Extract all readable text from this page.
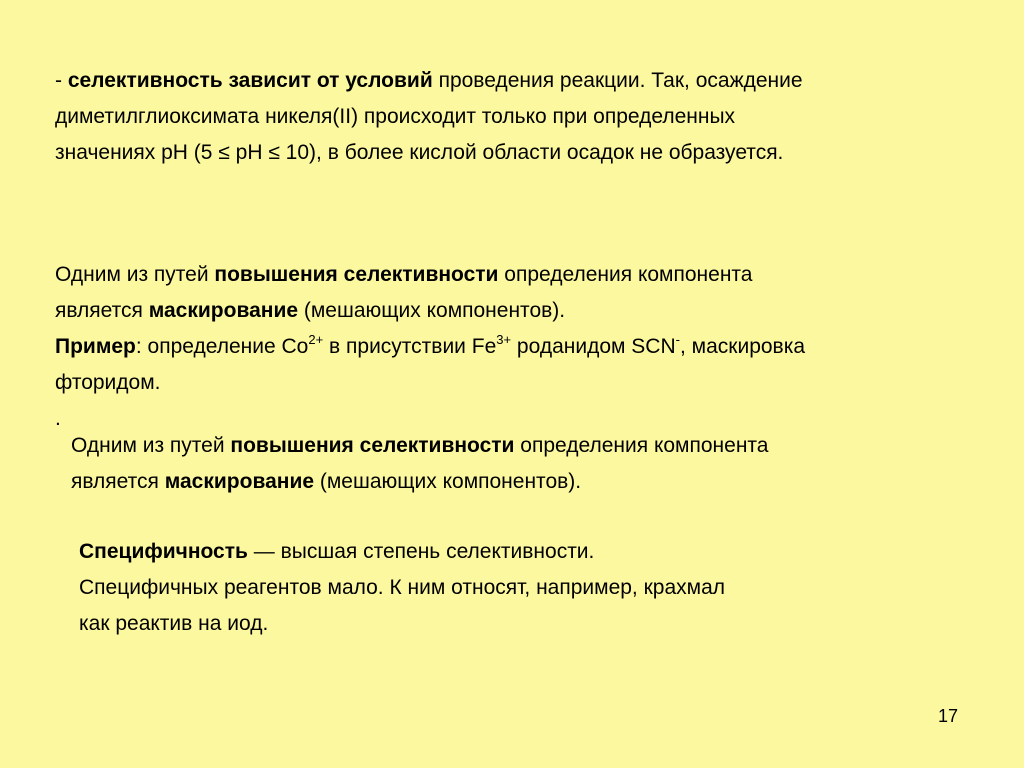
- селективность зависит от условий проведения реакции. Так, осаждение
диметилглиоксимата никеля(II) происходит только при определенных
значениях pH (5 ≤ pH ≤ 10), в более кислой области осадок не образуется.
Одним из путей повышения селективности определения компонента
является маскирование (мешающих компонентов).
Пример: определение $Co^{2+}$ в присутствии $Fe^{3+}$ роданидом SCN-, маскировка
фторидом.
.
Одним из путей повышения селективности определения компонента
является маскирование (мешающих компонентов).
Специфичность — высшая степень селективности.
Специфичных реагентов мало. К ним относят, например, крахмал
как реактив на иод.
17
